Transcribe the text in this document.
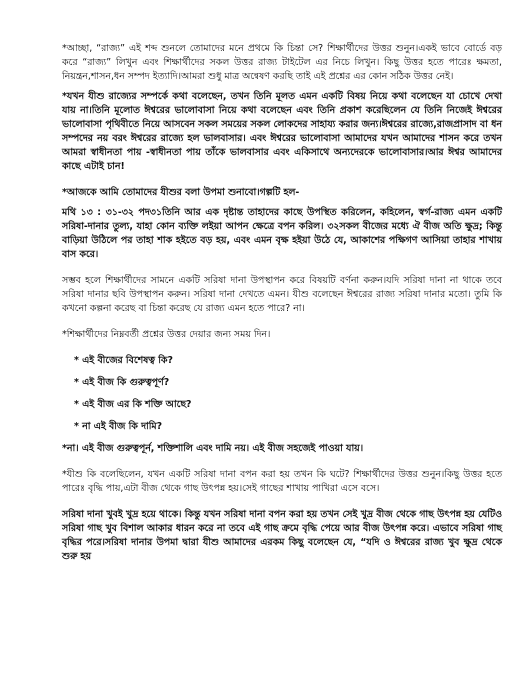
*আচ্ছা, “রাজ্য” এই শব্দ শুনলে তোমাদের মনে প্রথমে কি চিন্তা সে? শিক্ষার্থীদের উত্তর শুনুন।একই ভাবে বোর্ডে বড় করে “রাজ্য” লিখুন এবং শিক্ষার্থীদের সকল উত্তর রাজ্য টাইটেল এর নিচে লিখুন। কিছু উত্তর হতে পারেঃ ক্ষমতা, নিয়ন্ত্রন,শাসন,ধন সম্পদ ইত্যাদি।আমরা শুধু মাত্র অন্বেষণ করছি তাই এই প্রশ্নের এর কোন সঠিক উত্তর নেই।

*যখন যীশু রাজ্যের সম্পর্কে কথা বলেছেন, তখন তিনি মূলত এমন একটি বিষয় নিয়ে কথা বলেছেন যা চোখে দেখা যায় না।তিনি মূলোত ঈশ্বরের ভালোবাসা নিয়ে কথা বলেছেন এবং তিনি প্রকাশ করেছিলেন যে তিনি নিজেই ঈশ্বরের ভালোবাসা পৃথিবীতে নিয়ে আসবেন সকল সময়ের সকল লোকদের সাহায্য করার জন্য।ঈশ্বরের রাজ্যে,রাজপ্রাসাদ বা ধন সম্পদের নয় বরং ঈশ্বরের রাজ্যে হল ভালবাসার। এবং ঈশ্বরের ভালোবাসা আমাদের যখন আমাদের শাসন করে তখন আমরা স্বাধীনতা পায় -স্বাধীনতা পায় তাঁকে ভালবাসার এবং একিসাথে অন্যদেরকে ভালোবাসার।আর ঈশ্বর আমাদের কাছে এটাই চান!

*আজকে আমি তোমাদের যীশুর বলা উপমা শুনাবো।গল্পটি হল-

মথি ১৩ : ৩১-৩২ পদ৩১তিনি আর এক দৃষ্টান্ত তাহাদের কাছে উপস্থিত করিলেন, কহিলেন, স্বর্গ-রাজ্য এমন একটি সরিষা-দানার তুল্য, যাহা কোন ব্যক্তি লইয়া আপন ক্ষেত্রে বপন করিল। ৩২সকল বীজের মধ্যে ঐ বীজ অতি ক্ষুদ্র; কিন্তু বাড়িয়া উঠিলে পর তাহা শাক হইতে বড় হয়, এবং এমন বৃক্ষ হইয়া উঠে যে, আকাশের পক্ষিগণ আসিয়া তাহার শাখায় বাস করে।

সম্ভব হলে শিক্ষার্থীদের সামনে একটি সরিষা দানা উপস্থাপন করে বিষয়টি বর্ণনা করুন।যদি সরিষা দানা না থাকে তবে সরিষা দানার ছবি উপস্থাপন করুন। সরিষা দানা দেখতে এমন। যীশু বলেছেন ঈশ্বরের রাজ্য সরিষা দানার মতো। তুমি কি কখনো কল্পনা করেছ বা চিন্তা করেছ যে রাজ্য এমন হতে পারে? না।

*শিক্ষার্থীদের নিম্নবর্তী প্রশ্নের উত্তর দেয়ার জন্য সময় দিন।

* এই বীজের বিশেষত্ব কি?

* এই বীজ কি গুরুত্বপূর্ণ?

* এই বীজ এর কি শক্তি আছে?

* না এই বীজ কি দামি?

*না। এই বীজ গুরুত্বপূর্ন, শক্তিশালি এবং দামি নয়। এই বীজ সহজেই পাওয়া যায়।

*যীশু কি বলেছিলেন, যখন একটি সরিষা দানা বপন করা হয় তখন কি ঘটে? শিক্ষার্থীদের উত্তর শুনুন।কিছু উত্তর হতে পারেঃ বৃদ্ধি পায়,এটা বীজ থেকে গাছ উৎপন্ন হয়।সেই গাছের শাখায় পাখিরা এসে বসে।

সরিষা দানা খুবই খুদ্র হয়ে থাকে। কিন্তু যখন সরিষা দানা বপন করা হয় তখন সেই খুদ্র বীজ থেকে গাছ উৎপন্ন হয় যেটিও সরিষা গাছ খুব বিশাল আকার ধারন করে না তবে এই গাছ ক্রমে বৃদ্ধি পেয়ে আর বীজ উৎপন্ন করে। এভাবে সরিষা গাছ বৃদ্ধির পরে।সরিষা দানার উপমা দ্বারা যীশু আমাদের এরকম কিছু বলেছেন যে, “যদি ও ঈশ্বরের রাজ্য খুব ক্ষুদ্র থেকে শুরু হয়
